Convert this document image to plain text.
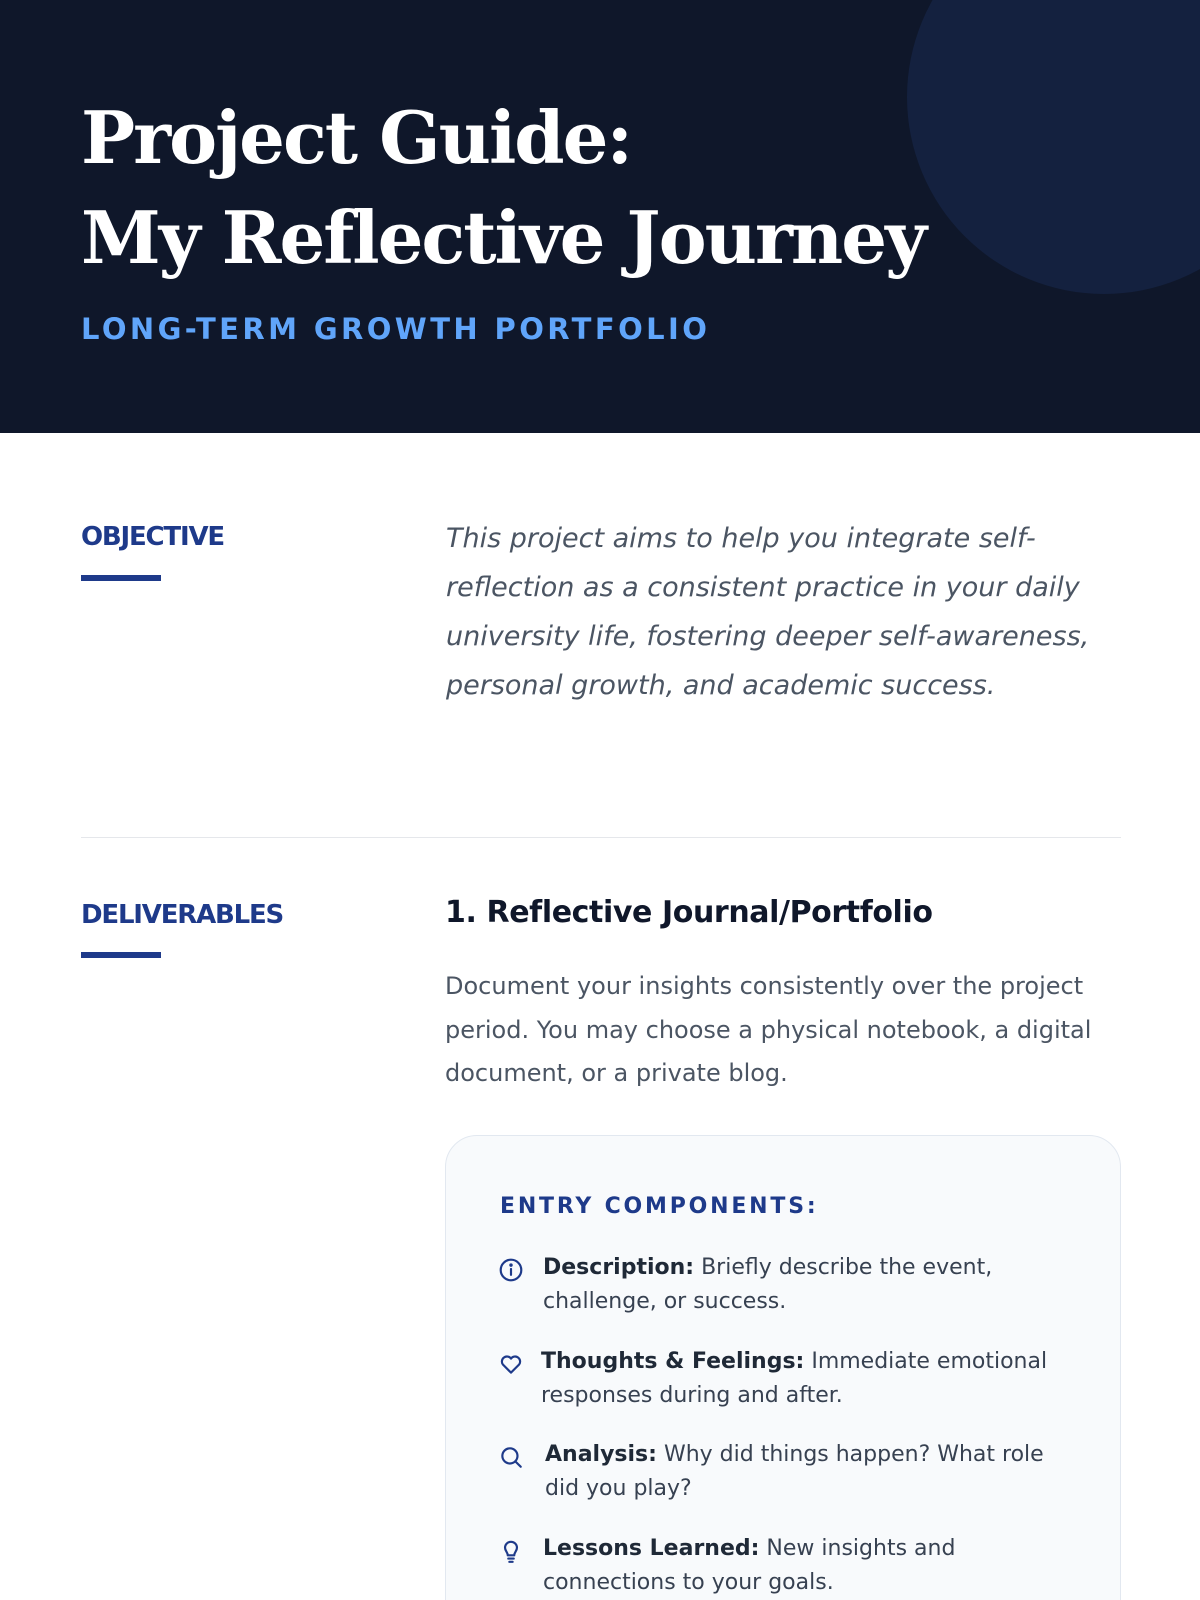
Project Guide:
My Reflective Journey
LONG-TERM GROWTH PORTFOLIO
OBJECTIVE	This project aims to help you integrate self-reflection as a consistent practice in your daily university life, fostering deeper self-awareness, personal growth, and academic success.

DELIVERABLES	1. Reflective Journal/Portfolio

Document your insights consistently over the project period. You may choose a physical notebook, a digital document, or a private blog.

ENTRY COMPONENTS:
Description: Briefly describe the event, challenge, or success.
Thoughts & Feelings: Immediate emotional responses during and after.
Analysis: Why did things happen? What role did you play?
Lessons Learned: New insights and connections to your goals.
